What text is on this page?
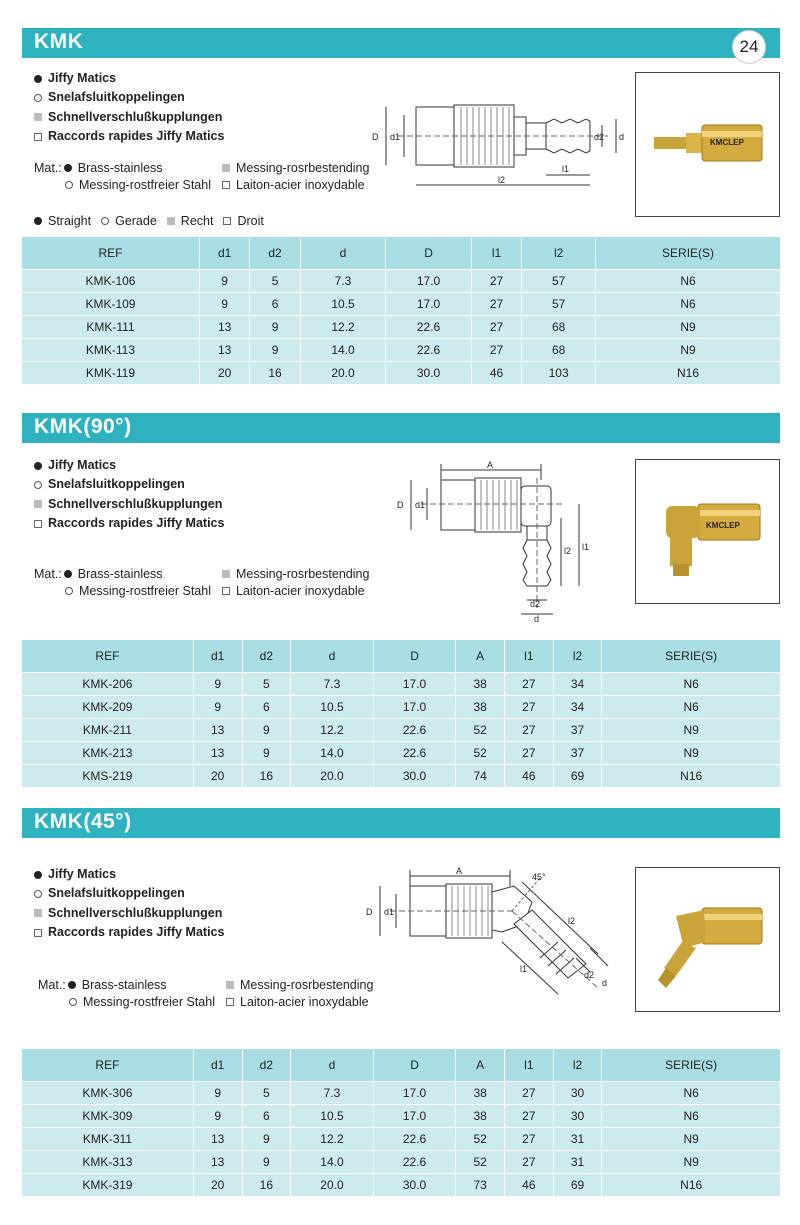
KMK	24
Jiffy Matics
Snelafsluitkoppelingen
Schnellverschlußkupplungen
Raccords rapides Jiffy Matics
Mat.: Brass-stainless	Messing-rosrbestending
Messing-rostfreier Stahl Laiton-acier inoxydable
D d1	d2 d
l1
l2
KMCLEP
Straight Gerade Recht Droit
REF	d1	d2	d	D	l1	l2	SERIE(S)
KMK-106	9	5	7.3	17.0	27	57	N6
KMK-109	9	6	10.5	17.0	27	57	N6
KMK-111	13	9	12.2	22.6	27	68	N9
KMK-113	13	9	14.0	22.6	27	68	N9
KMK-119	20	16	20.0	30.0	46	103	N16
KMK(90°)
Jiffy Matics
Snelafsluitkoppelingen
Schnellverschlußkupplungen
Raccords rapides Jiffy Matics
Mat.: Brass-stainless	Messing-rosrbestending
Messing-rostfreier Stahl Laiton-acier inoxydable
A
D d1
l2 l1
d2
d
KMCLEP
REF	d1	d2	d	D	A	l1	l2	SERIE(S)
KMK-206	9	5	7.3	17.0	38	27	34	N6
KMK-209	9	6	10.5	17.0	38	27	34	N6
KMK-211	13	9	12.2	22.6	52	27	37	N9
KMK-213	13	9	14.0	22.6	52	27	37	N9
KMS-219	20	16	20.0	30.0	74	46	69	N16
KMK(45°)
Jiffy Matics
Snelafsluitkoppelingen
Schnellverschlußkupplungen
Raccords rapides Jiffy Matics
Mat.: Brass-stainless	Messing-rosrbestending
Messing-rostfreier Stahl Laiton-acier inoxydable
A
45°
D d1
l2
l1
d2
d
REF	d1	d2	d	D	A	l1	l2	SERIE(S)
KMK-306	9	5	7.3	17.0	38	27	30	N6
KMK-309	9	6	10.5	17.0	38	27	30	N6
KMK-311	13	9	12.2	22.6	52	27	31	N9
KMK-313	13	9	14.0	22.6	52	27	31	N9
KMK-319	20	16	20.0	30.0	73	46	69	N16
